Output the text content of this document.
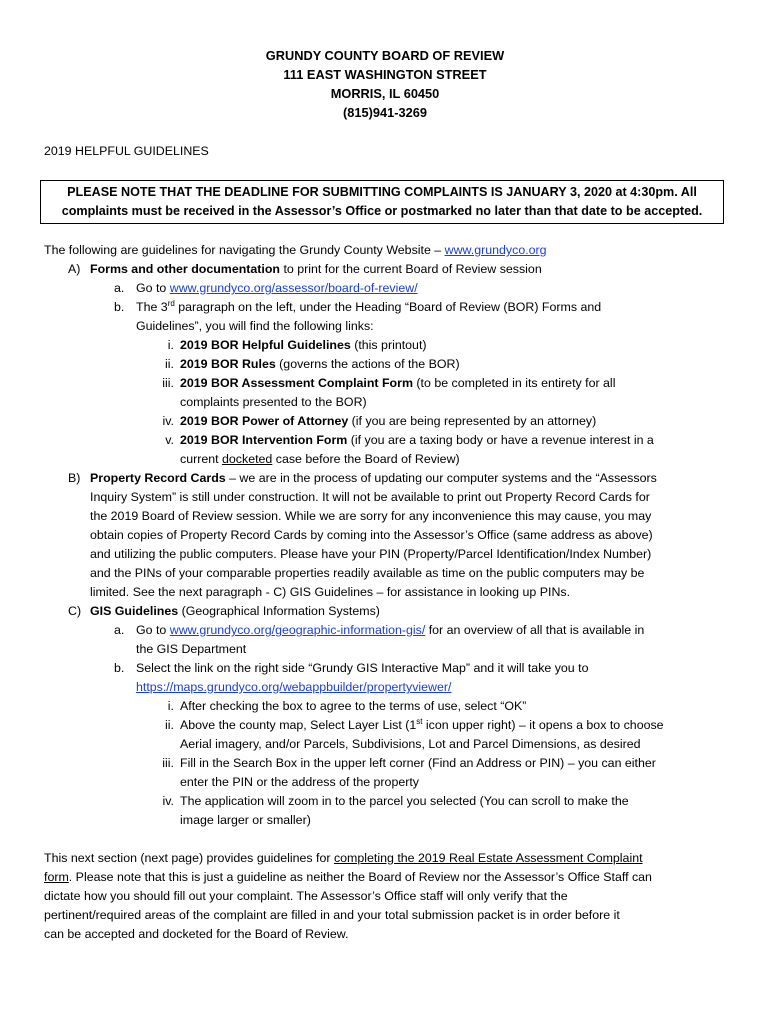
GRUNDY COUNTY BOARD OF REVIEW
111 EAST WASHINGTON STREET
MORRIS, IL 60450
(815)941-3269
2019 HELPFUL GUIDELINES
PLEASE NOTE THAT THE DEADLINE FOR SUBMITTING COMPLAINTS IS JANUARY 3, 2020 at 4:30pm. All
complaints must be received in the Assessor’s Office or postmarked no later than that date to be accepted.
The following are guidelines for navigating the Grundy County Website – www.grundyco.org
A) Forms and other documentation to print for the current Board of Review session
a. Go to www.grundyco.org/assessor/board-of-review/
b. The 3rd paragraph on the left, under the Heading “Board of Review (BOR) Forms and
Guidelines”, you will find the following links:
i. 2019 BOR Helpful Guidelines (this printout)
ii. 2019 BOR Rules (governs the actions of the BOR)
iii. 2019 BOR Assessment Complaint Form (to be completed in its entirety for all
complaints presented to the BOR)
iv. 2019 BOR Power of Attorney (if you are being represented by an attorney)
v. 2019 BOR Intervention Form (if you are a taxing body or have a revenue interest in a
current docketed case before the Board of Review)
B) Property Record Cards – we are in the process of updating our computer systems and the “Assessors
Inquiry System” is still under construction. It will not be available to print out Property Record Cards for
the 2019 Board of Review session. While we are sorry for any inconvenience this may cause, you may
obtain copies of Property Record Cards by coming into the Assessor’s Office (same address as above)
and utilizing the public computers. Please have your PIN (Property/Parcel Identification/Index Number)
and the PINs of your comparable properties readily available as time on the public computers may be
limited. See the next paragraph - C) GIS Guidelines – for assistance in looking up PINs.
C) GIS Guidelines (Geographical Information Systems)
a. Go to www.grundyco.org/geographic-information-gis/ for an overview of all that is available in
the GIS Department
b. Select the link on the right side “Grundy GIS Interactive Map” and it will take you to
https://maps.grundyco.org/webappbuilder/propertyviewer/
i. After checking the box to agree to the terms of use, select “OK”
ii. Above the county map, Select Layer List (1st icon upper right) – it opens a box to choose
Aerial imagery, and/or Parcels, Subdivisions, Lot and Parcel Dimensions, as desired
iii. Fill in the Search Box in the upper left corner (Find an Address or PIN) – you can either
enter the PIN or the address of the property
iv. The application will zoom in to the parcel you selected (You can scroll to make the
image larger or smaller)
This next section (next page) provides guidelines for completing the 2019 Real Estate Assessment Complaint
form. Please note that this is just a guideline as neither the Board of Review nor the Assessor’s Office Staff can
dictate how you should fill out your complaint. The Assessor’s Office staff will only verify that the
pertinent/required areas of the complaint are filled in and your total submission packet is in order before it
can be accepted and docketed for the Board of Review.
